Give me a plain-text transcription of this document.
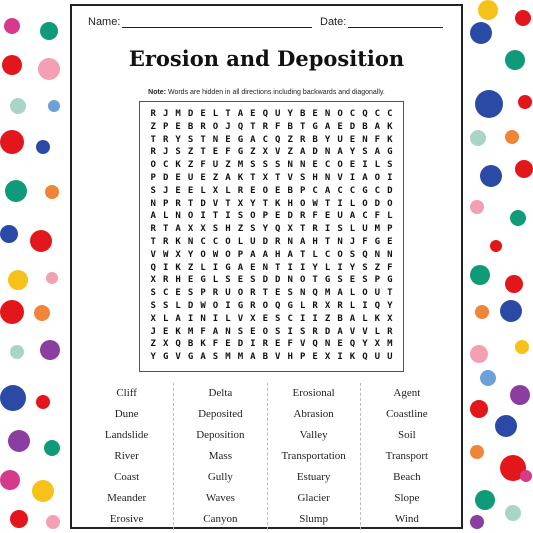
Name:	Date:
Erosion and Deposition
Note: Words are hidden in all directions including backwards and diagonally.
R J M D E L T A E Q U Y B E N O C Q C C
Z P E B R O J Q T R F B T G A E D B A K
T R Y S T N E G A C Q Z R B Y U E N F K
R J S Z T E F G Z X V Z A D N A Y S A G
O C K Z F U Z M S S S N N E C O E I L S
P D E U E Z A K T X T V S H N V I A O I
S J E E L X L R E O E B P C A C C G C D
N P R T D V T X Y T K H O W T I L O D O
A L N O I T I S O P E D R F E U A C F L
R T A X X S H Z S Y Q X T R I S L U M P
T R K N C C O L U D R N A H T N J F G E
V W X Y O W O P A A H A T L C O S Q N N
Q I K Z L I G A E N T I I Y L I Y S Z F
X R H E G L S E S D D N O T G S E S P G
S C E S P R U O R T E S N Q M A L O U T
S S L D W O I G R O Q G L R X R L I Q Y
X L A I N I L V X E S C I I Z B A L K X
J E K M F A N S E O S I S R D A V V L R
Z X Q B K F E D I R E F V Q N E Q Y X M
Y G V G A S M M A B V H P E X I K Q U U
Cliff
Dune
Landslide
River
Coast
Meander
Erosive
Delta
Deposited
Deposition
Mass
Gully
Waves
Canyon
Erosional
Abrasion
Valley
Transportation
Estuary
Glacier
Slump
Agent
Coastline
Soil
Transport
Beach
Slope
Wind
